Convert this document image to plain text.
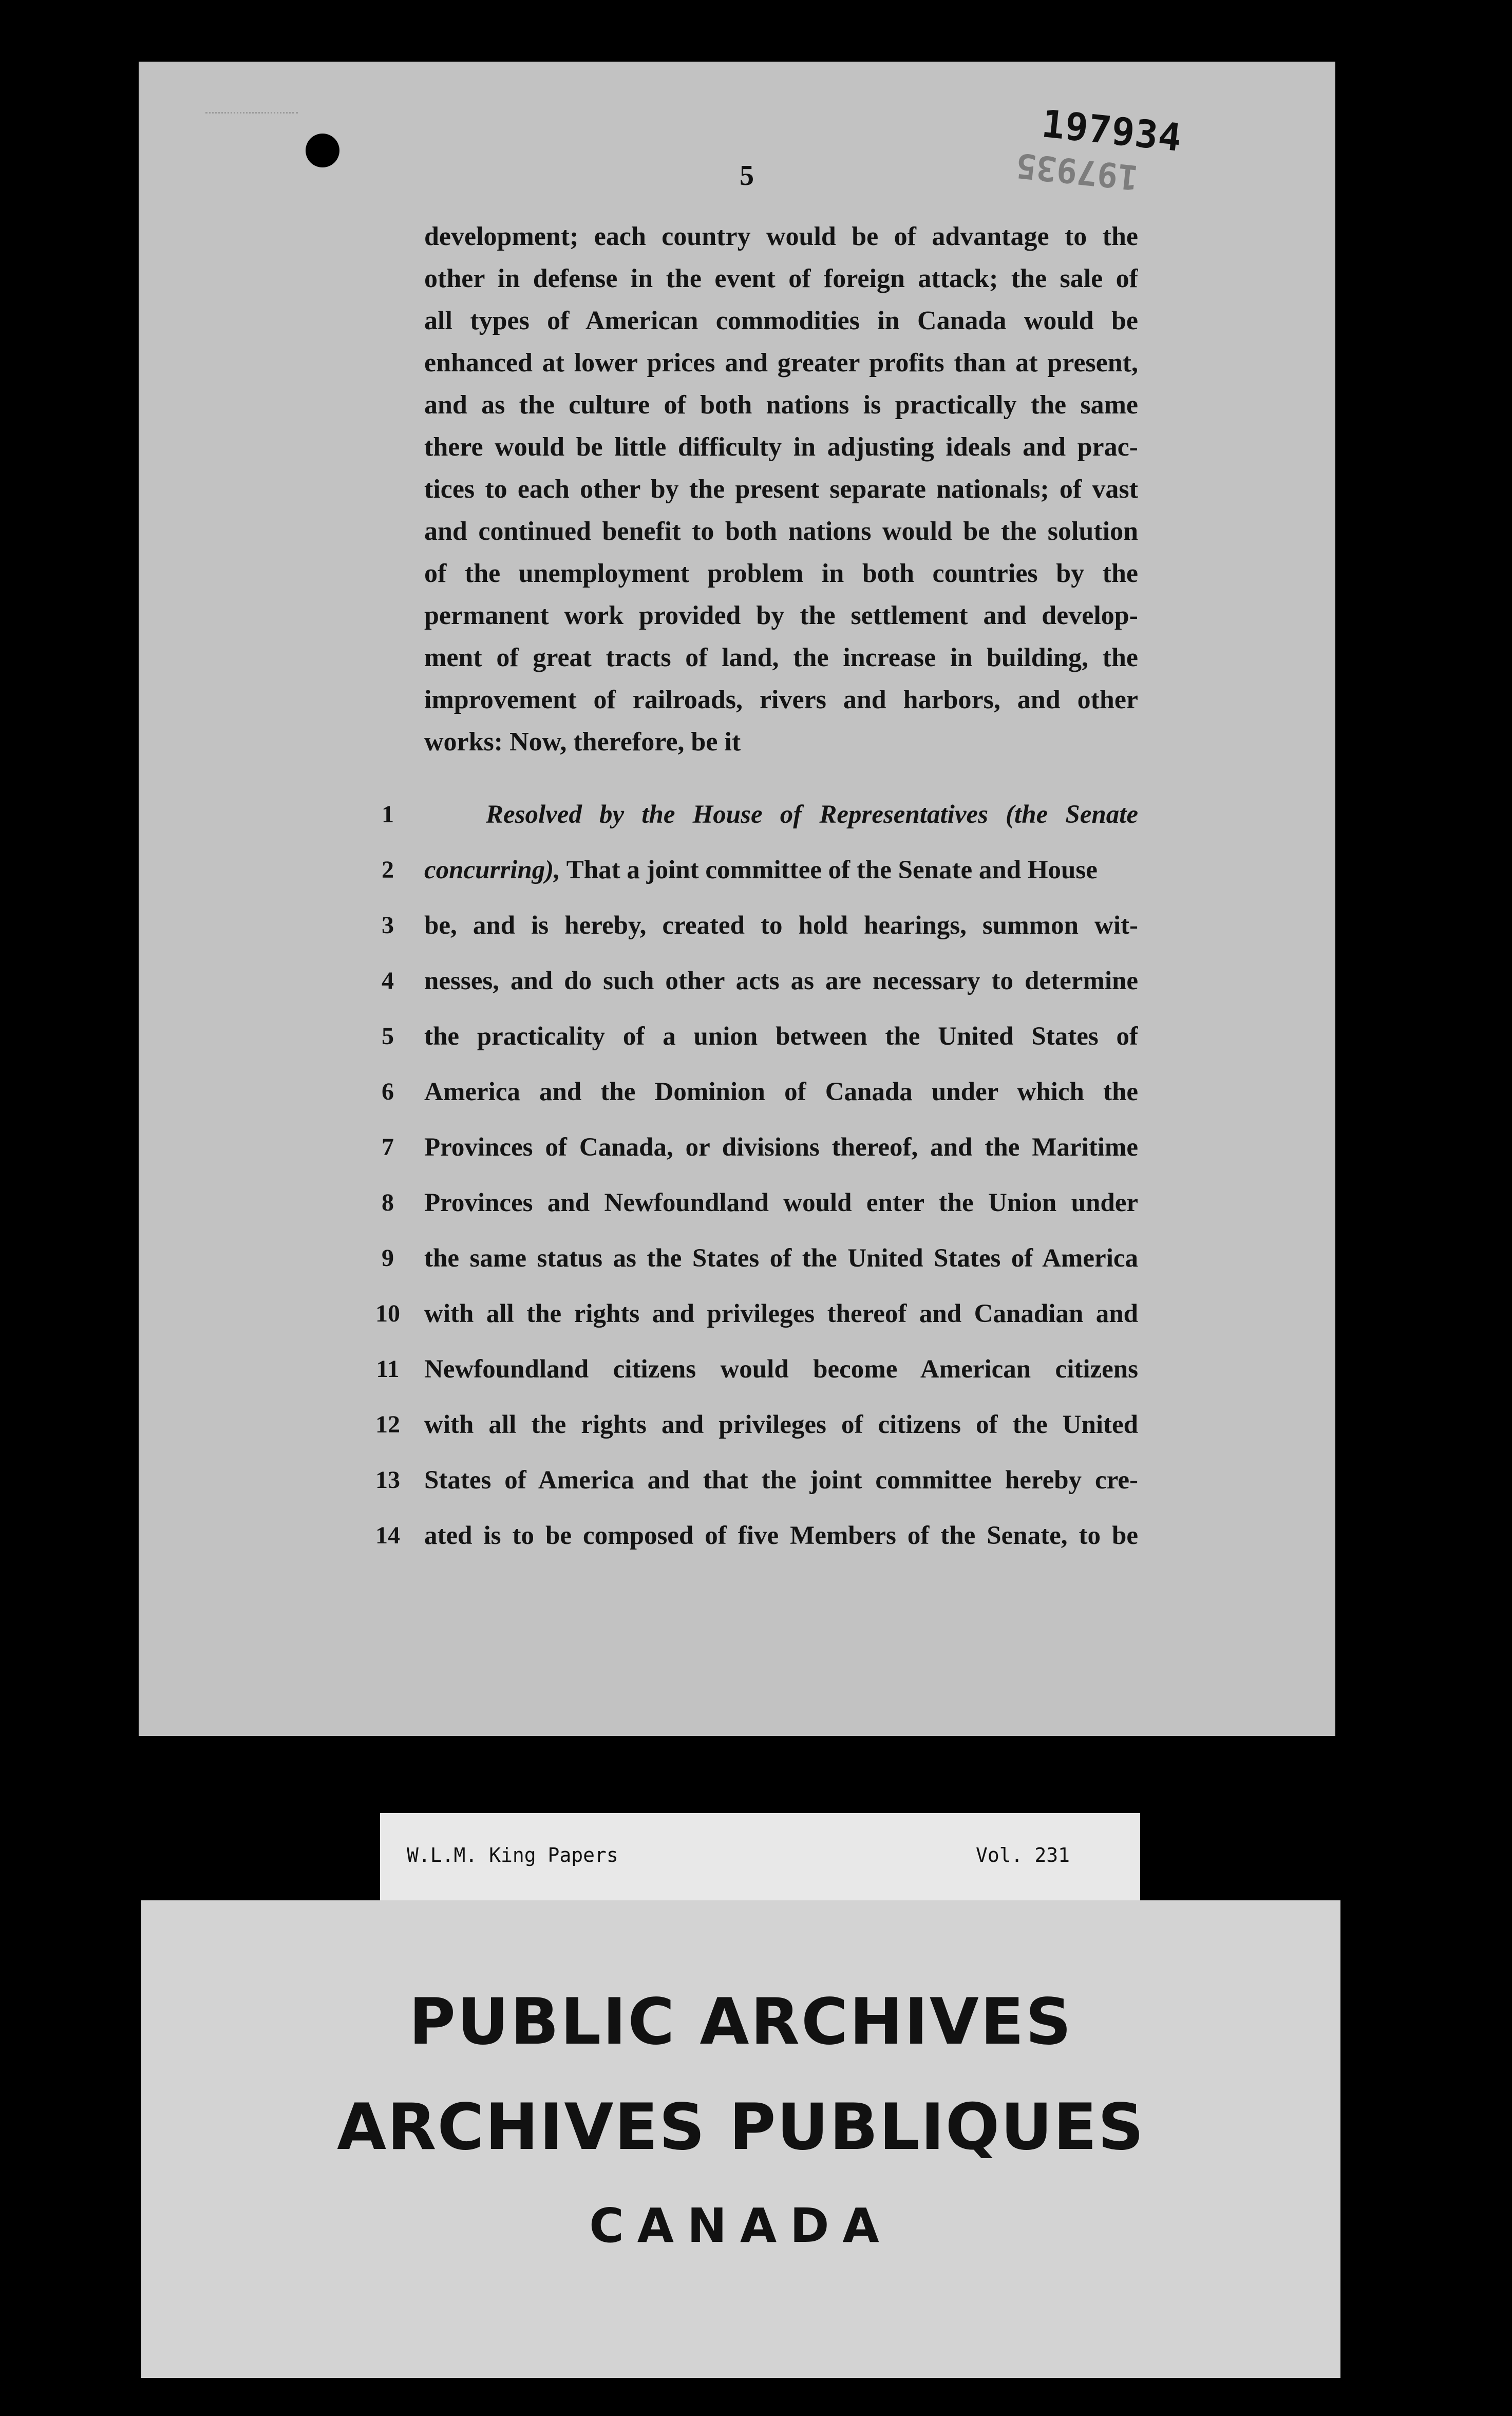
197935
197934
5
development; each country would be of advantage to the
other in defense in the event of foreign attack; the sale of
all types of American commodities in Canada would be
enhanced at lower prices and greater profits than at present,
and as the culture of both nations is practically the same
there would be little difficulty in adjusting ideals and prac-
tices to each other by the present separate nationals; of vast
and continued benefit to both nations would be the solution
of the unemployment problem in both countries by the
permanent work provided by the settlement and develop-
ment of great tracts of land, the increase in building, the
improvement of railroads, rivers and harbors, and other
works: Now, therefore, be it
1	Resolved by the House of Representatives (the Senate
2	concurring), That a joint committee of the Senate and House
3	be, and is hereby, created to hold hearings, summon wit-
4	nesses, and do such other acts as are necessary to determine
5	the practicality of a union between the United States of
6	America and the Dominion of Canada under which the
7	Provinces of Canada, or divisions thereof, and the Maritime
8	Provinces and Newfoundland would enter the Union under
9	the same status as the States of the United States of America
10 with all the rights and privileges thereof and Canadian and
11 Newfoundland citizens would become American citizens
12 with all the rights and privileges of citizens of the United
13 States of America and that the joint committee hereby cre-
14 ated is to be composed of five Members of the Senate, to be
W.L.M. King Papers	Vol. 231
PUBLIC ARCHIVES
ARCHIVES PUBLIQUES
CANADA
